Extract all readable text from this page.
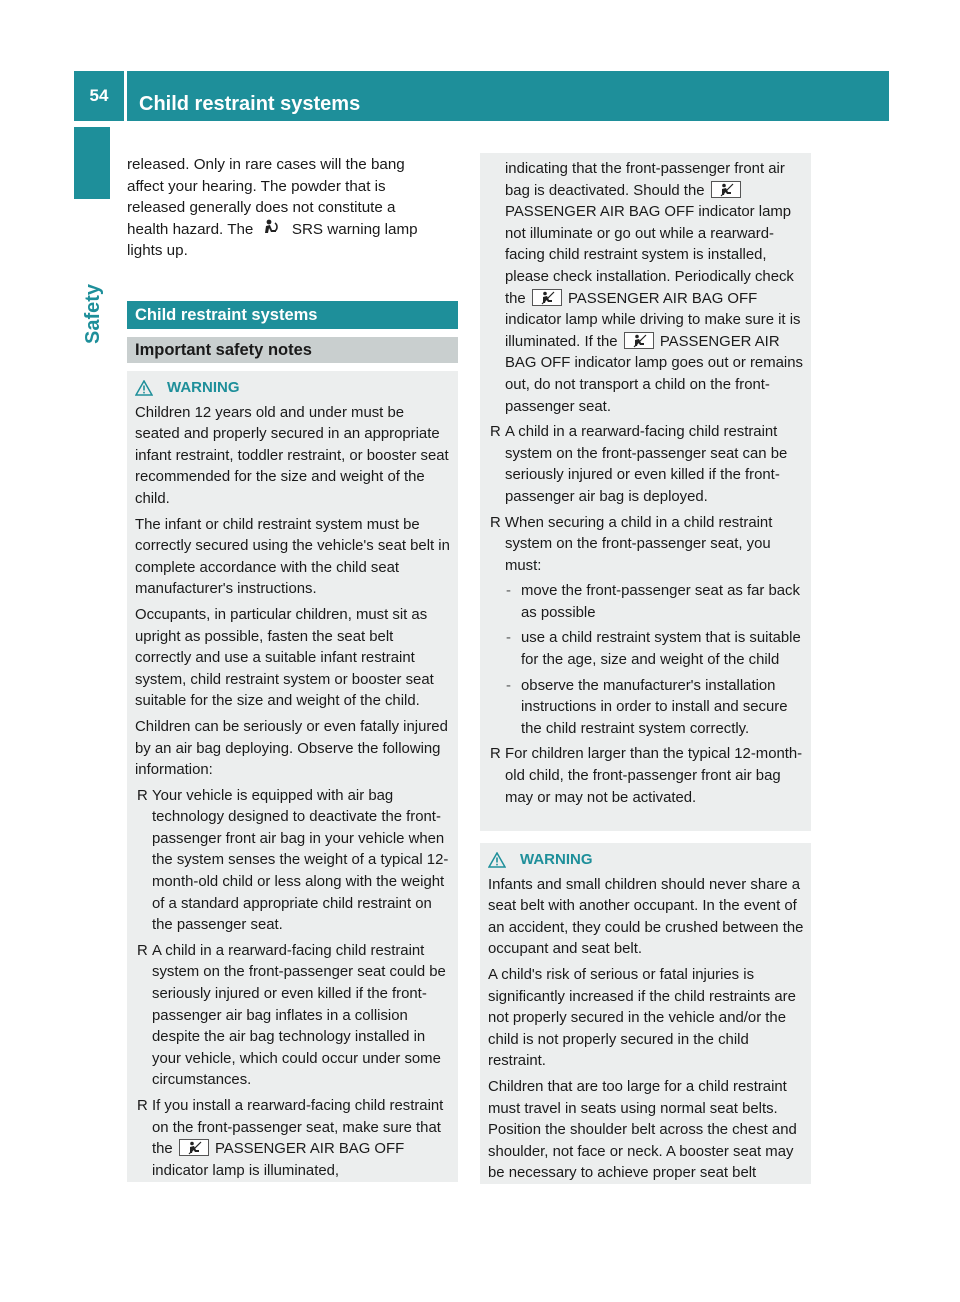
54	Child restraint systems
Safety

released. Only in rare cases will the bang
affect your hearing. The powder that is
released generally does not constitute a
health hazard. The  SRS warning lamp
lights up.

Child restraint systems
Important safety notes
WARNING

Children 12 years old and under must be seated and properly secured in an appropriate infant restraint, toddler restraint, or booster seat recommended for the size and weight of the child.

The infant or child restraint system must be correctly secured using the vehicle's seat belt in complete accordance with the child seat manufacturer's instructions.

Occupants, in particular children, must sit as upright as possible, fasten the seat belt correctly and use a suitable infant restraint system, child restraint system or booster seat suitable for the size and weight of the child.

Children can be seriously or even fatally injured by an air bag deploying. Observe the following information:

R Your vehicle is equipped with air bag technology designed to deactivate the front-passenger front air bag in your vehicle when the system senses the weight of a typical 12-month-old child or less along with the weight of a standard appropriate child restraint on the passenger seat.
R A child in a rearward-facing child restraint system on the front-passenger seat could be seriously injured or even killed if the front-passenger air bag inflates in a collision despite the air bag technology installed in your vehicle, which could occur under some circumstances.
R If you install a rearward-facing child restraint on the front-passenger seat, make sure that the	PASSENGER AIR BAG OFF indicator lamp is illuminated,

indicating that the front-passenger front air bag is deactivated. Should the
PASSENGER AIR BAG OFF indicator lamp not illuminate or go out while a rearward-facing child restraint system is installed, please check installation. Periodically check the	PASSENGER AIR BAG OFF indicator lamp while driving to make sure it is illuminated. If the	PASSENGER AIR BAG OFF indicator lamp goes out or remains out, do not transport a child on the front-passenger seat.

R A child in a rearward-facing child restraint system on the front-passenger seat can be seriously injured or even killed if the front-passenger air bag is deployed.
R When securing a child in a child restraint system on the front-passenger seat, you must:
- move the front-passenger seat as far back as possible
- use a child restraint system that is suitable for the age, size and weight of the child
- observe the manufacturer's installation instructions in order to install and secure the child restraint system correctly.
R For children larger than the typical 12-month-old child, the front-passenger front air bag may or may not be activated.
WARNING

Infants and small children should never share a seat belt with another occupant. In the event of an accident, they could be crushed between the occupant and seat belt.

A child's risk of serious or fatal injuries is significantly increased if the child restraints are not properly secured in the vehicle and/or the child is not properly secured in the child restraint.

Children that are too large for a child restraint must travel in seats using normal seat belts. Position the shoulder belt across the chest and shoulder, not face or neck. A booster seat may be necessary to achieve proper seat belt
